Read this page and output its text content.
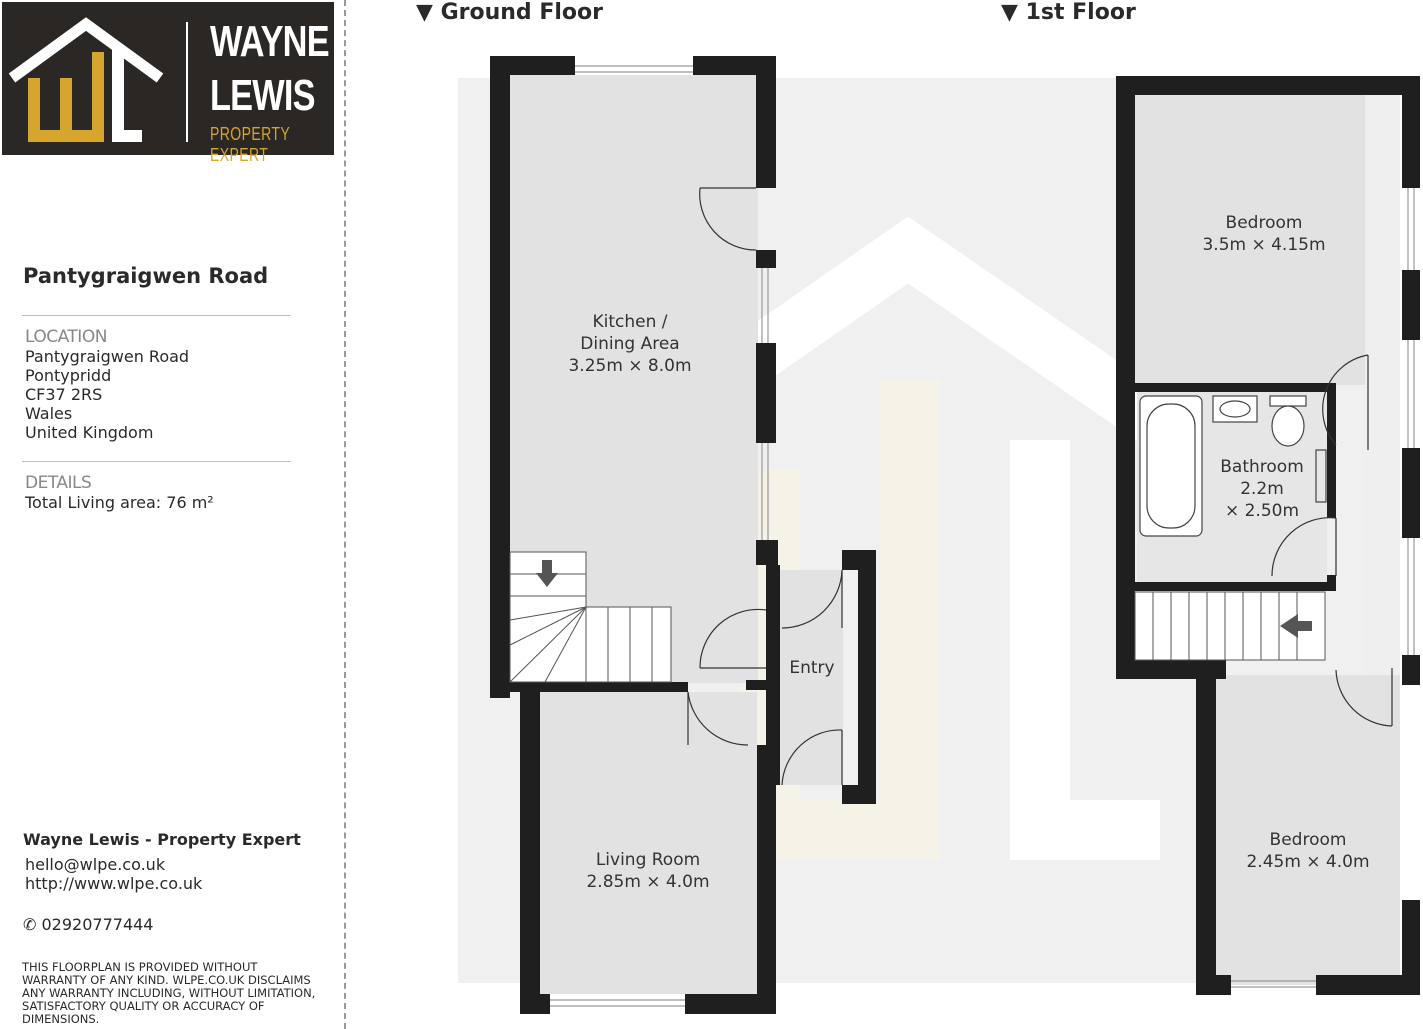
WAYNE
LEWIS
PROPERTY EXPERT
Pantygraigwen Road
LOCATION
Pantygraigwen Road
Pontypridd
CF37 2RS
Wales
United Kingdom
DETAILS
Total Living area: 76 m²
Wayne Lewis - Property Expert
hello@wlpe.co.uk
http://www.wlpe.co.uk
✆ 02920777444
THIS FLOORPLAN IS PROVIDED WITHOUT WARRANTY OF ANY KIND. WLPE.CO.UK DISCLAIMS ANY WARRANTY INCLUDING, WITHOUT LIMITATION, SATISFACTORY QUALITY OR ACCURACY OF DIMENSIONS.
▼ Ground Floor	▼ 1st Floor
Kitchen /
Dining Area
3.25m × 8.0m
Entry
Living Room
2.85m × 4.0m
Bedroom
3.5m × 4.15m
Bathroom
2.2m
× 2.50m
Bedroom
2.45m × 4.0m
